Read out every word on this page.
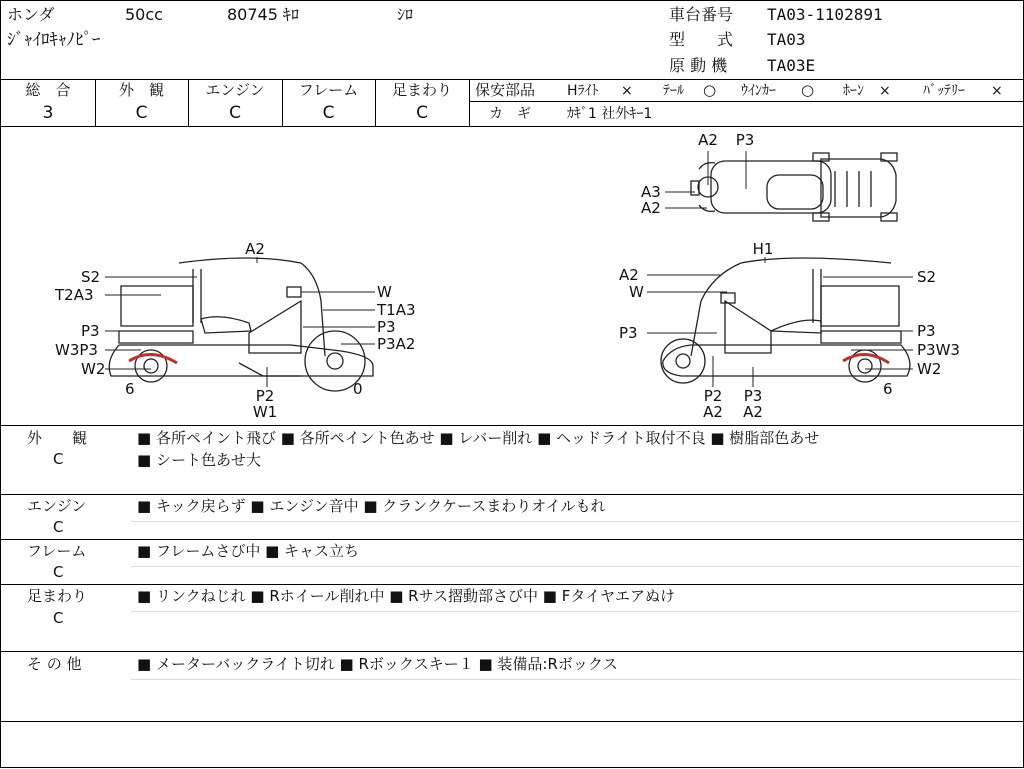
ホンダ	50cc	80745 ｷﾛ	ｼﾛ
ｼﾞｬｲﾛｷｬﾉﾋﾟｰ
車台番号 TA03-1102891
型　　式 TA03
原 動 機 TA03E
総　合
3
外　観
C
エンジン
C
フレーム
C
足まわり
C
保安部品 Hﾗｲﾄ × ﾃｰﾙ ○ ｳｲﾝｶｰ ○ ﾎｰﾝ × ﾊﾞｯﾃﾘｰ ×
カ　ギ	ｶｷﾞ1 社外ｷｰ1
A2 P3
A3
A2
A2
S2
T2A3	W
T1A3
P3
P3
W3P3	P3A2
W2
6	0
P2
W1
H1
A2	S2
W
P3	P3
P3W3
W2
6
P2
A2
P3
A2
外　　観
C
■ 各所ペイント飛び ■ 各所ペイント色あせ ■ レバー削れ ■ ヘッドライト取付不良 ■ 樹脂部色あせ
■ シート色あせ大
エンジン
C
■ キック戻らず ■ エンジン音中 ■ クランクケースまわりオイルもれ
フレーム
C
■ フレームさび中 ■ キャス立ち
足まわり
C
■ リンクねじれ ■ Rホイール削れ中 ■ Rサス摺動部さび中 ■ Fタイヤエアぬけ
そ の 他	■ メーターバックライト切れ ■ Rボックスキー１ ■ 装備品:Rボックス
